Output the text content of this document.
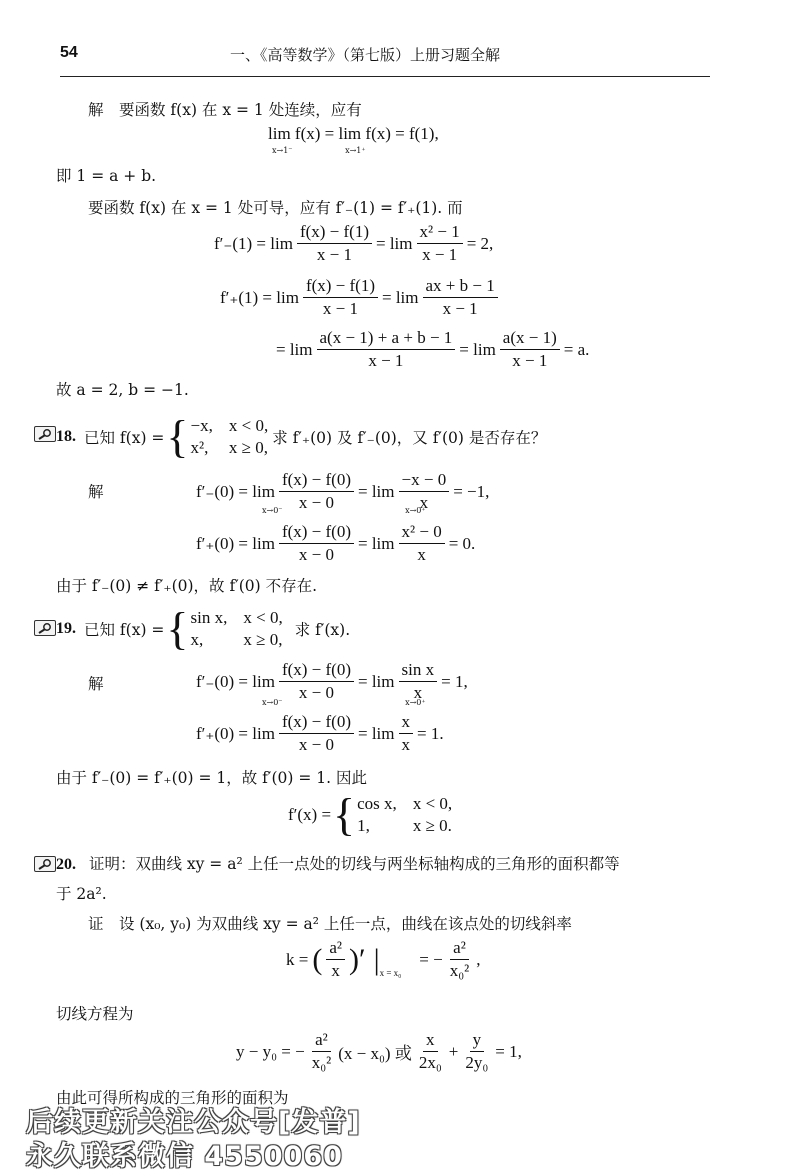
54	一、《高等数学》（第七版）上册习题全解
解　要函数 f(x) 在 x = 1 处连续，应有
lim f(x) = lim f(x) = f(1),
x→1⁻	x→1⁺
即 1 = a + b.
要函数 f(x) 在 x = 1 处可导，应有 f′₋(1) = f′₊(1). 而
$f'_-(1) = \lim \frac{f(x) - f(1)}{x - 1} = \lim \frac{\text{x² − 1}}{x - 1} = 2$,
$f'_+(1) = \lim \frac{f(x) - f(1)}{x - 1} = \lim \frac{ax + b - 1}{x - 1}$
= $\lim \frac{a(x - 1) + a + b - 1}{x - 1} = \lim \frac{a(x - 1)}{x - 1} = a$.
故 a = 2, b = −1.
18. 已知 f(x) = { −x, x < 0,
x², x ≥ 0, 求 f′₊(0) 及 f′₋(0)，又 f′(0) 是否存在？
解	$f'_-(0) = \lim \frac{f(x) - f(0)}{x - 0} = \lim \frac{-x - 0}{x} = -1$,
$f'_+(0) = \lim \frac{f(x) - f(0)}{x - 0} = \lim \frac{\text{x² − 0}}{x} = 0$.
x→0⁻	x→0⁺
由于 f′₋(0) ≠ f′₊(0)，故 f′(0) 不存在.
19. 已知 f(x) = { sin x, x < 0,
x,	x ≥ 0, 求 f′(x).
解	$f'_-(0) = \lim \frac{f(x) - f(0)}{x - 0} = \lim \frac{\text{sin x}}{x} = 1$,
$f'_+(0) = \lim \frac{f(x) - f(0)}{x - 0} = \lim \frac{x}{x} = 1$.
x→0⁻	x→0⁺
由于 f′₋(0) = f′₊(0) = 1，故 f′(0) = 1. 因此
f′(x) = { cos x, x < 0,
1,	x ≥ 0.
20. 证明：双曲线 xy = a² 上任一点处的切线与两坐标轴构成的三角形的面积都等
于 2a².
证　设 (x₀, y₀) 为双曲线 xy = a² 上任一点，曲线在该点处的切线斜率
k = ( $\frac{\text{a²}}{x}$ )′ | x = x₀
= − $\frac{\text{a²}}{\text{x₀²}}$ ,
切线方程为
y − y₀ = − $\frac{\text{a²}}{\text{x₀²}} (x - x_0)$ 或 $\frac{x}{\text{2x₀}} + \frac{y}{\text{2y₀}} = 1$,
由此可得所构成的三角形的面积为
后续更新关注公众号[发普]
永久联系微信 4550060
